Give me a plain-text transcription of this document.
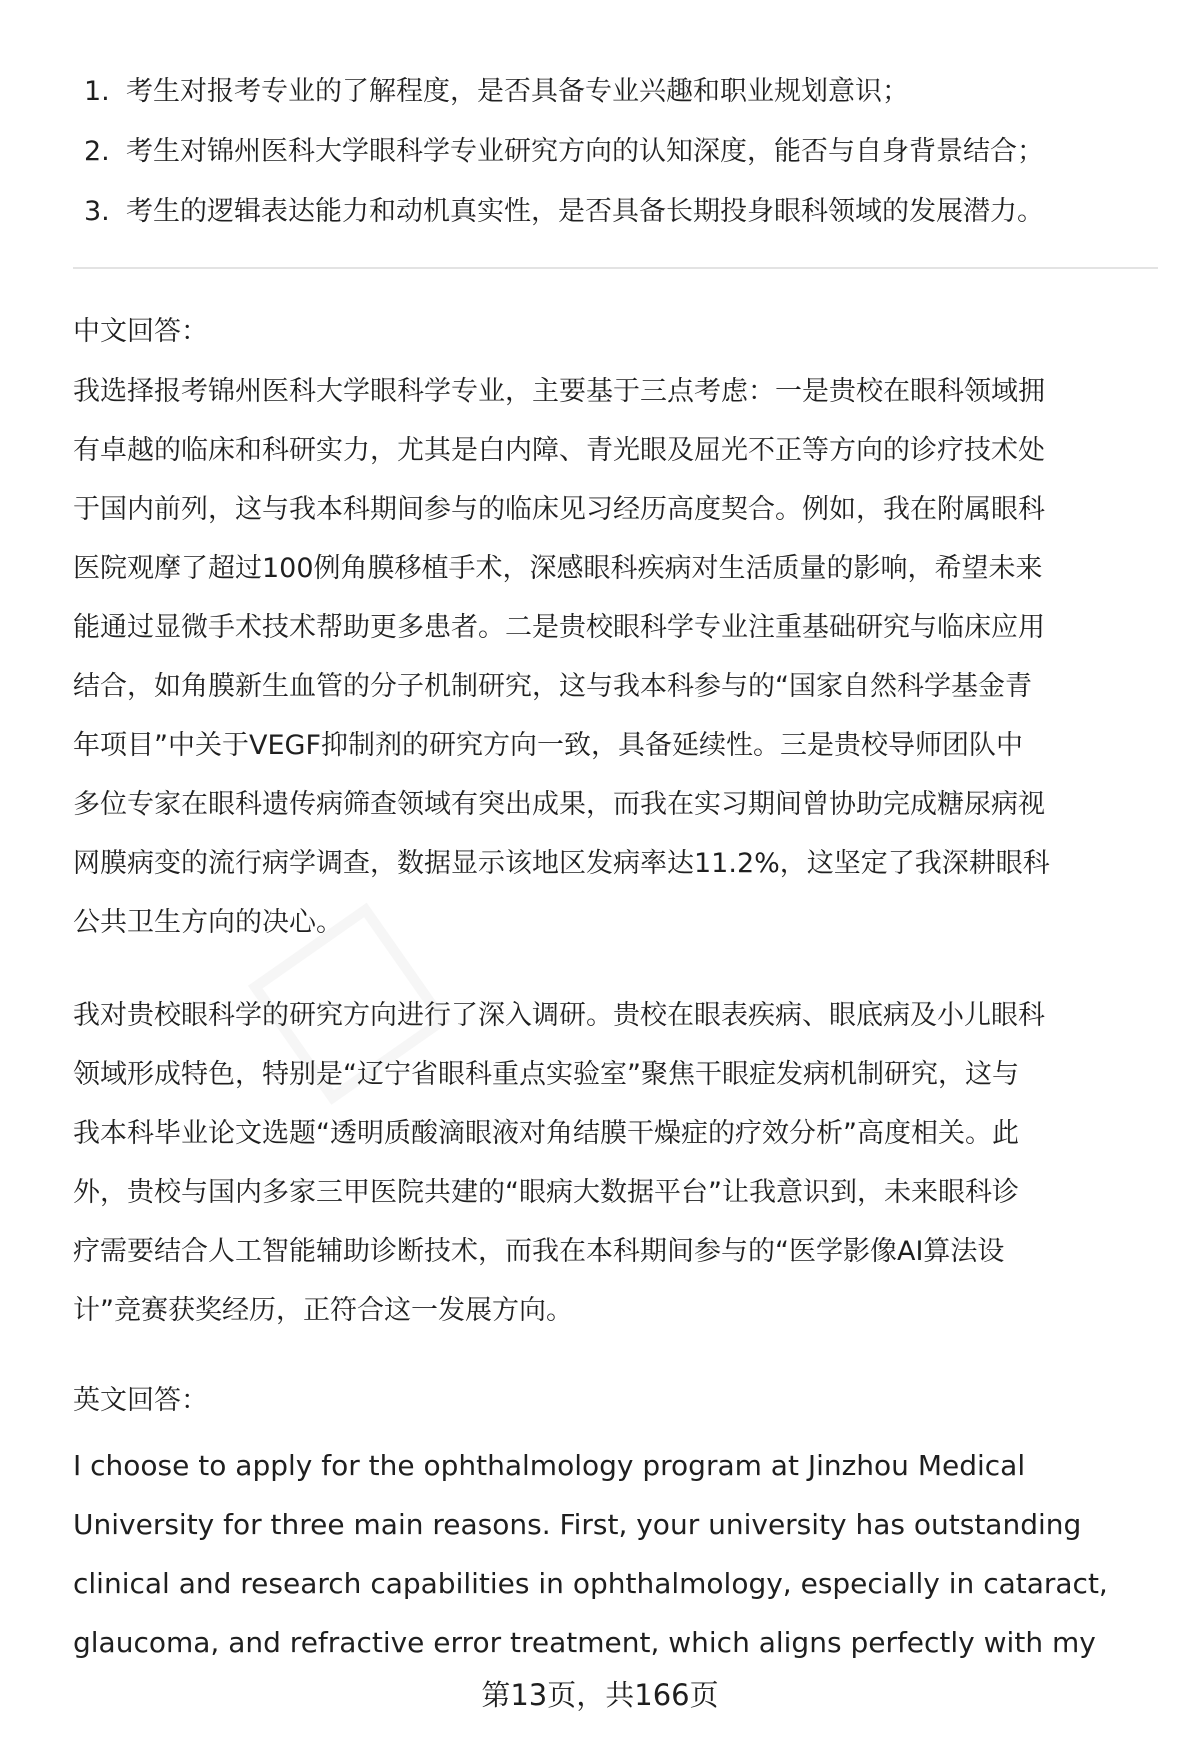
1. 考生对报考专业的了解程度，是否具备专业兴趣和职业规划意识；
2. 考生对锦州医科大学眼科学专业研究方向的认知深度，能否与自身背景结合；
3. 考生的逻辑表达能力和动机真实性，是否具备长期投身眼科领域的发展潜力。
中文回答：

我选择报考锦州医科大学眼科学专业，主要基于三点考虑：一是贵校在眼科领域拥
有卓越的临床和科研实力，尤其是白内障、青光眼及屈光不正等方向的诊疗技术处
于国内前列，这与我本科期间参与的临床见习经历高度契合。例如，我在附属眼科
医院观摩了超过100例角膜移植手术，深感眼科疾病对生活质量的影响，希望未来
能通过显微手术技术帮助更多患者。二是贵校眼科学专业注重基础研究与临床应用
结合，如角膜新生血管的分子机制研究，这与我本科参与的“国家自然科学基金青
年项目”中关于VEGF抑制剂的研究方向一致，具备延续性。三是贵校导师团队中
多位专家在眼科遗传病筛查领域有突出成果，而我在实习期间曾协助完成糖尿病视
网膜病变的流行病学调查，数据显示该地区发病率达11.2%，这坚定了我深耕眼科
公共卫生方向的决心。

我对贵校眼科学的研究方向进行了深入调研。贵校在眼表疾病、眼底病及小儿眼科
领域形成特色，特别是“辽宁省眼科重点实验室”聚焦干眼症发病机制研究，这与
我本科毕业论文选题“透明质酸滴眼液对角结膜干燥症的疗效分析”高度相关。此
外，贵校与国内多家三甲医院共建的“眼病大数据平台”让我意识到，未来眼科诊
疗需要结合人工智能辅助诊断技术，而我在本科期间参与的“医学影像AI算法设
计”竞赛获奖经历，正符合这一发展方向。

英文回答：

I choose to apply for the ophthalmology program at Jinzhou Medical
University for three main reasons. First, your university has outstanding
clinical and research capabilities in ophthalmology, especially in cataract,
glaucoma, and refractive error treatment, which aligns perfectly with my

第13页，共166页
